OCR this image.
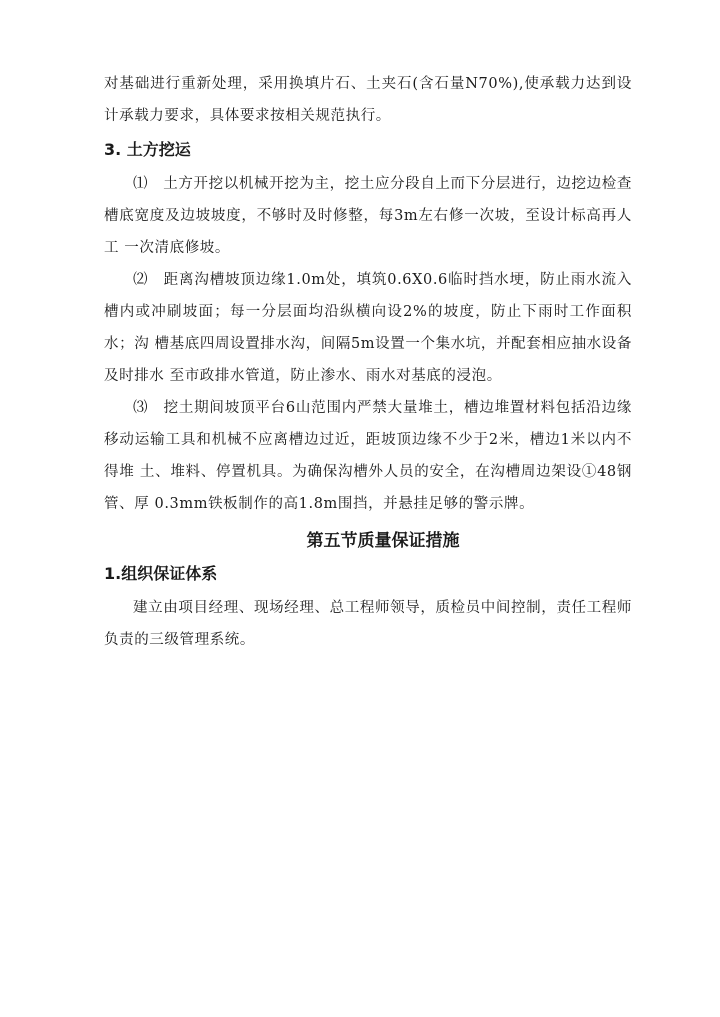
对基础进行重新处理，采用换填片石、土夹石(含石量N70%),使承载力达到设 计承载力要求，具体要求按相关规范执行。

3. 土方挖运

⑴　土方开挖以机械开挖为主，挖土应分段自上而下分层进行，边挖边检查 槽底宽度及边坡坡度，不够时及时修整，每3m左右修一次坡，至设计标高再人工 一次清底修坡。

⑵　距离沟槽坡顶边缘1.0m处，填筑0.6X0.6临时挡水埂，防止雨水流入 槽内或冲刷坡面；每一分层面均沿纵横向设2%的坡度，防止下雨时工作面积水；沟 槽基底四周设置排水沟，间隔5m设置一个集水坑，并配套相应抽水设备及时排水 至市政排水管道，防止渗水、雨水对基底的浸泡。

⑶　挖土期间坡顶平台6山范围内严禁大量堆土，槽边堆置材料包括沿边缘移动运输工具和机械不应离槽边过近，距坡顶边缘不少于2米，槽边1米以内不得堆 土、堆料、停置机具。为确保沟槽外人员的安全，在沟槽周边架设①48钢管、厚 0.3mm铁板制作的高1.8m围挡，并悬挂足够的警示牌。

第五节质量保证措施

1.组织保证体系

建立由项目经理、现场经理、总工程师领导，质检员中间控制，责任工程师负责的三级管理系统。
